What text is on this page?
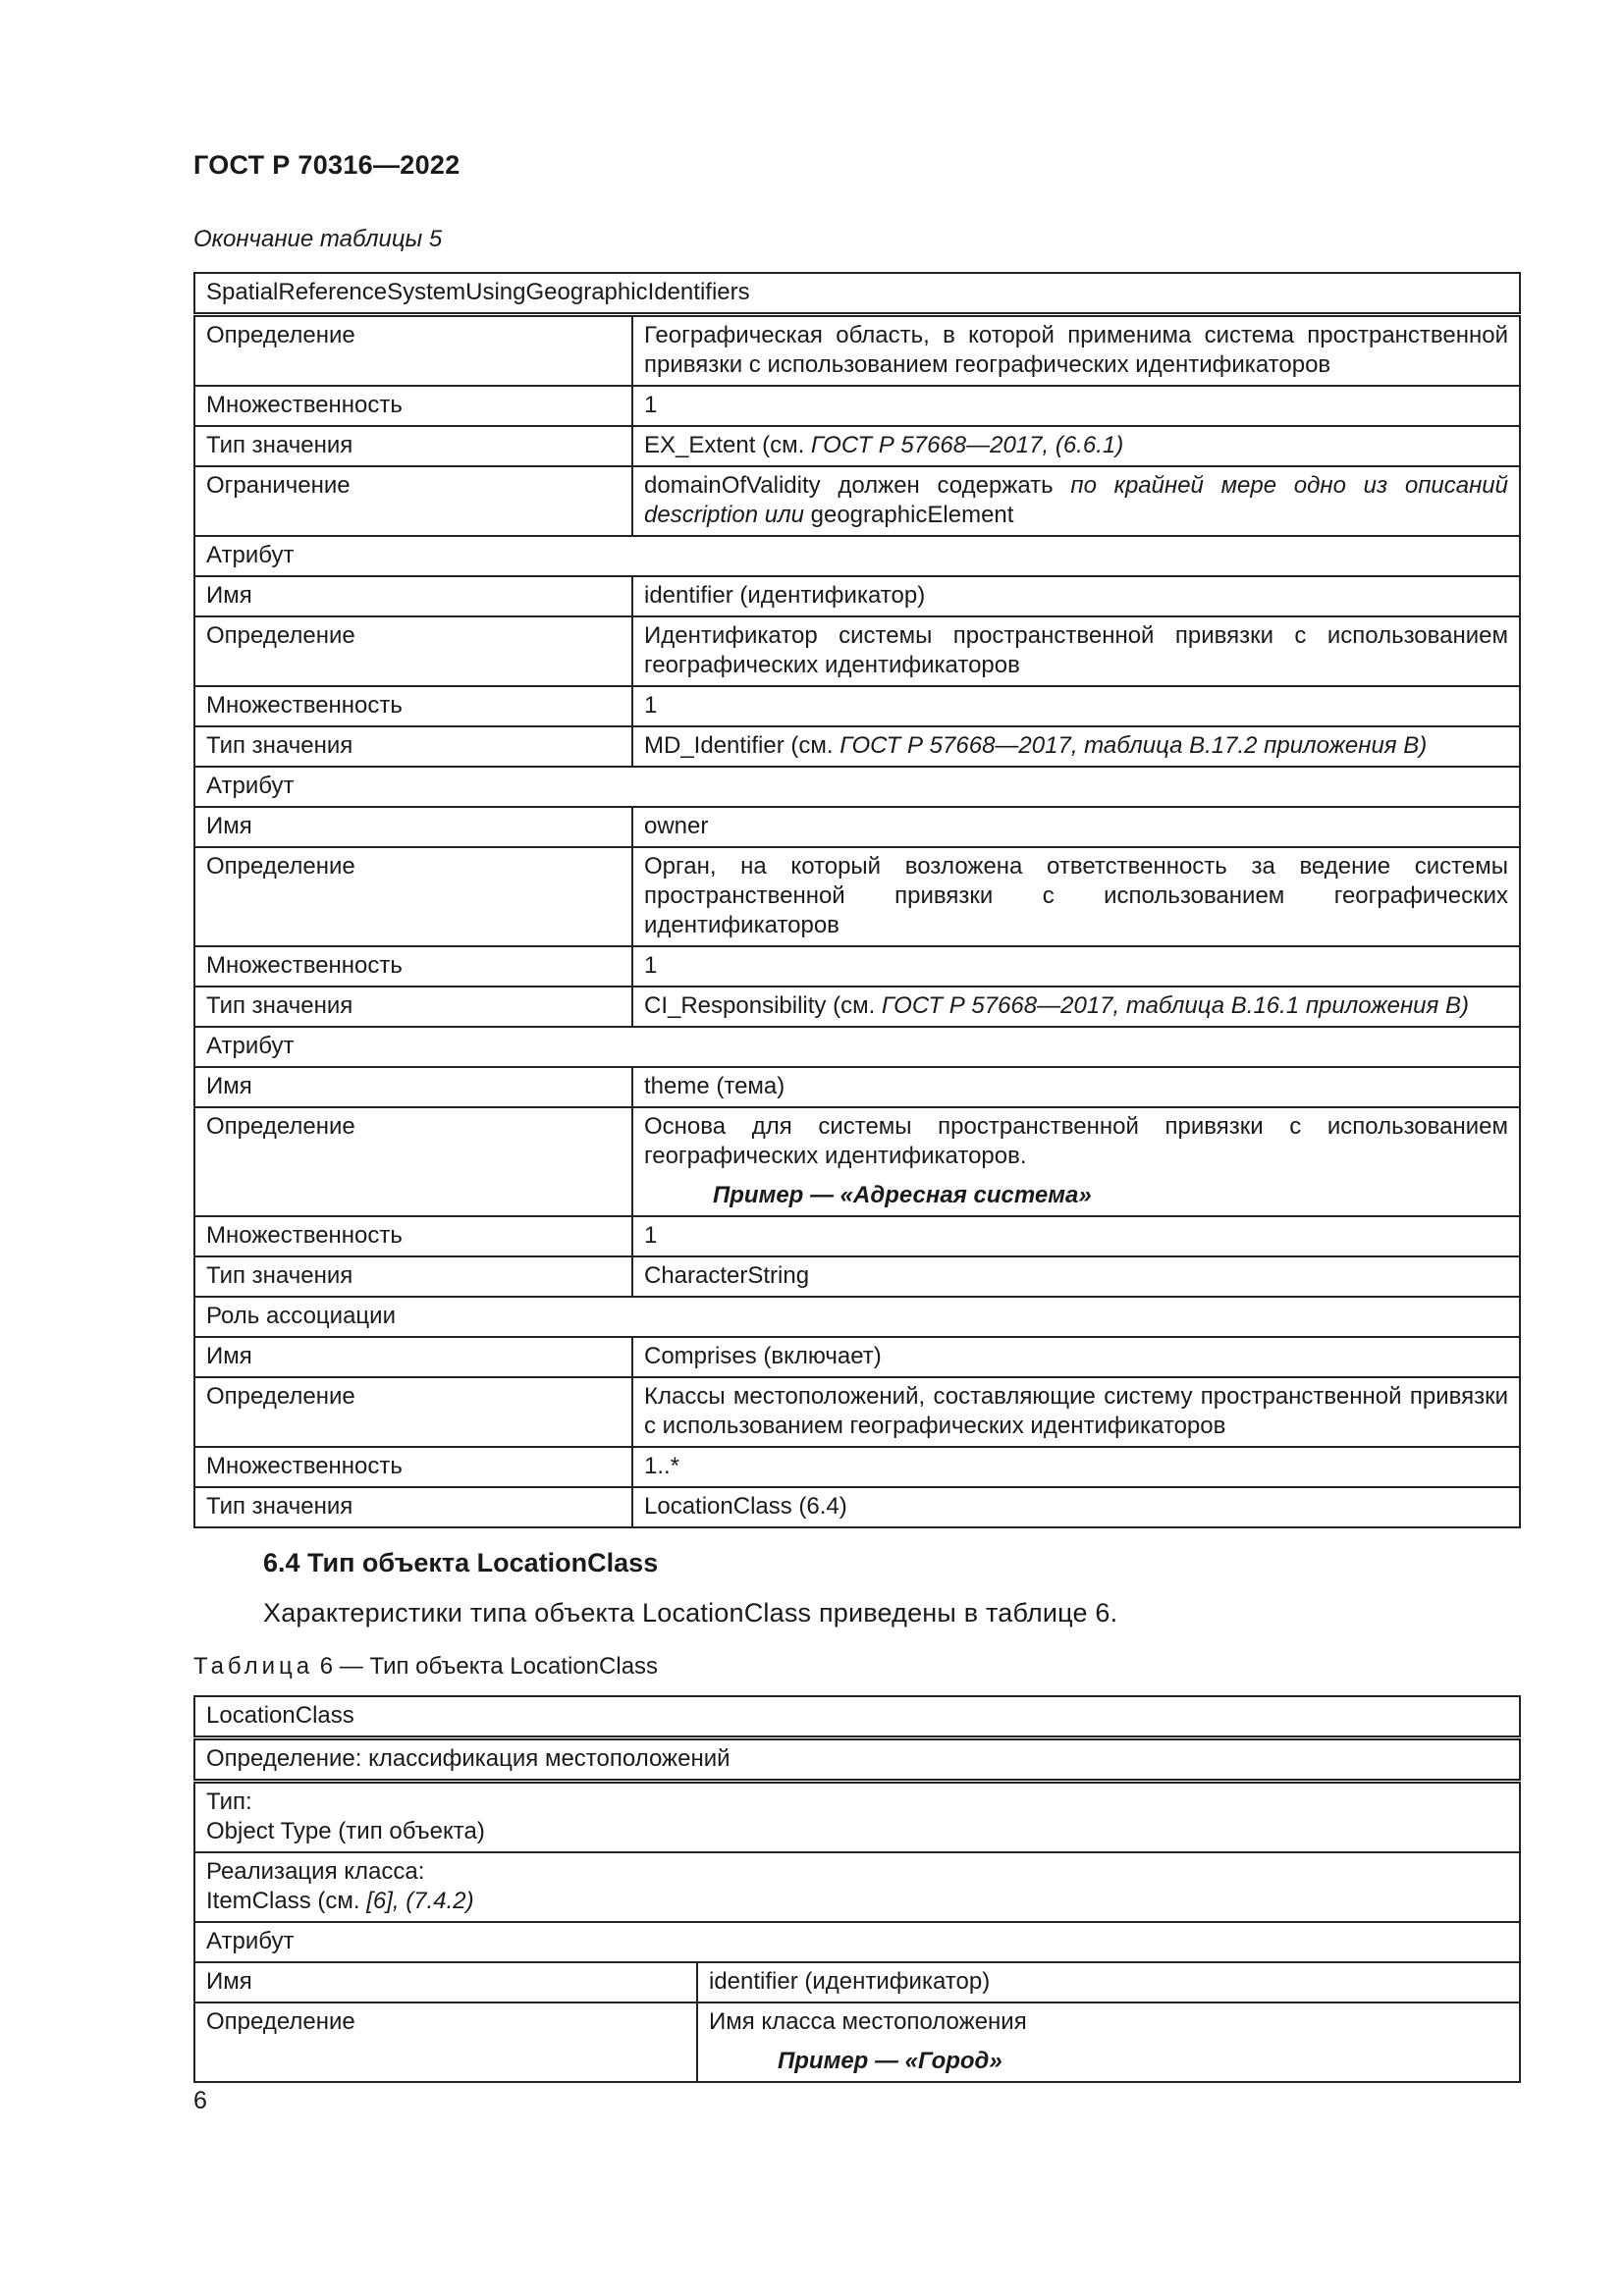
ГОСТ Р 70316—2022
Окончание таблицы 5
SpatialReferenceSystemUsingGeographicIdentifiers	
Определение	Географическая область, в которой применима система пространственной привязки с использованием географических идентификаторов
Множественность	1
Тип значения	EX_Extent (см. ГОСТ Р 57668—2017, (6.6.1)
Ограничение	domainOfValidity должен содержать по крайней мере одно из описаний description или geographicElement
Атрибут	
Имя	identifier (идентификатор)
Определение	Идентификатор системы пространственной привязки с использованием географических идентификаторов
Множественность	1
Тип значения	MD_Identifier (см. ГОСТ Р 57668—2017, таблица B.17.2 приложения В)
Атрибут	
Имя	owner
Определение	Орган, на который возложена ответственность за ведение системы пространственной привязки с использованием географических идентификаторов
Множественность	1
Тип значения	CI_Responsibility (см. ГОСТ Р 57668—2017, таблица B.16.1 приложения В)
Атрибут	
Имя	theme (тема)
Определение	Основа для системы пространственной привязки с использованием географических идентификаторов.
Пример — «Адресная система»

Множественность	1
Тип значения	CharacterString
Роль ассоциации	
Имя	Comprises (включает)
Определение	Классы местоположений, составляющие систему пространственной привязки с использованием географических идентификаторов
Множественность	1..*
Тип значения	LocationClass (6.4)
6.4 Тип объекта LocationClass
Характеристики типа объекта LocationClass приведены в таблице 6.
Таблица 6 — Тип объекта LocationClass
LocationClass	
Определение: классификация местоположений	

Тип:
Object Type (тип объекта)	

Реализация класса:
ItemClass (см. [6], (7.4.2)	

Атрибут	
Имя	identifier (идентификатор)
Определение	Имя класса местоположения
Пример — «Город»
6
